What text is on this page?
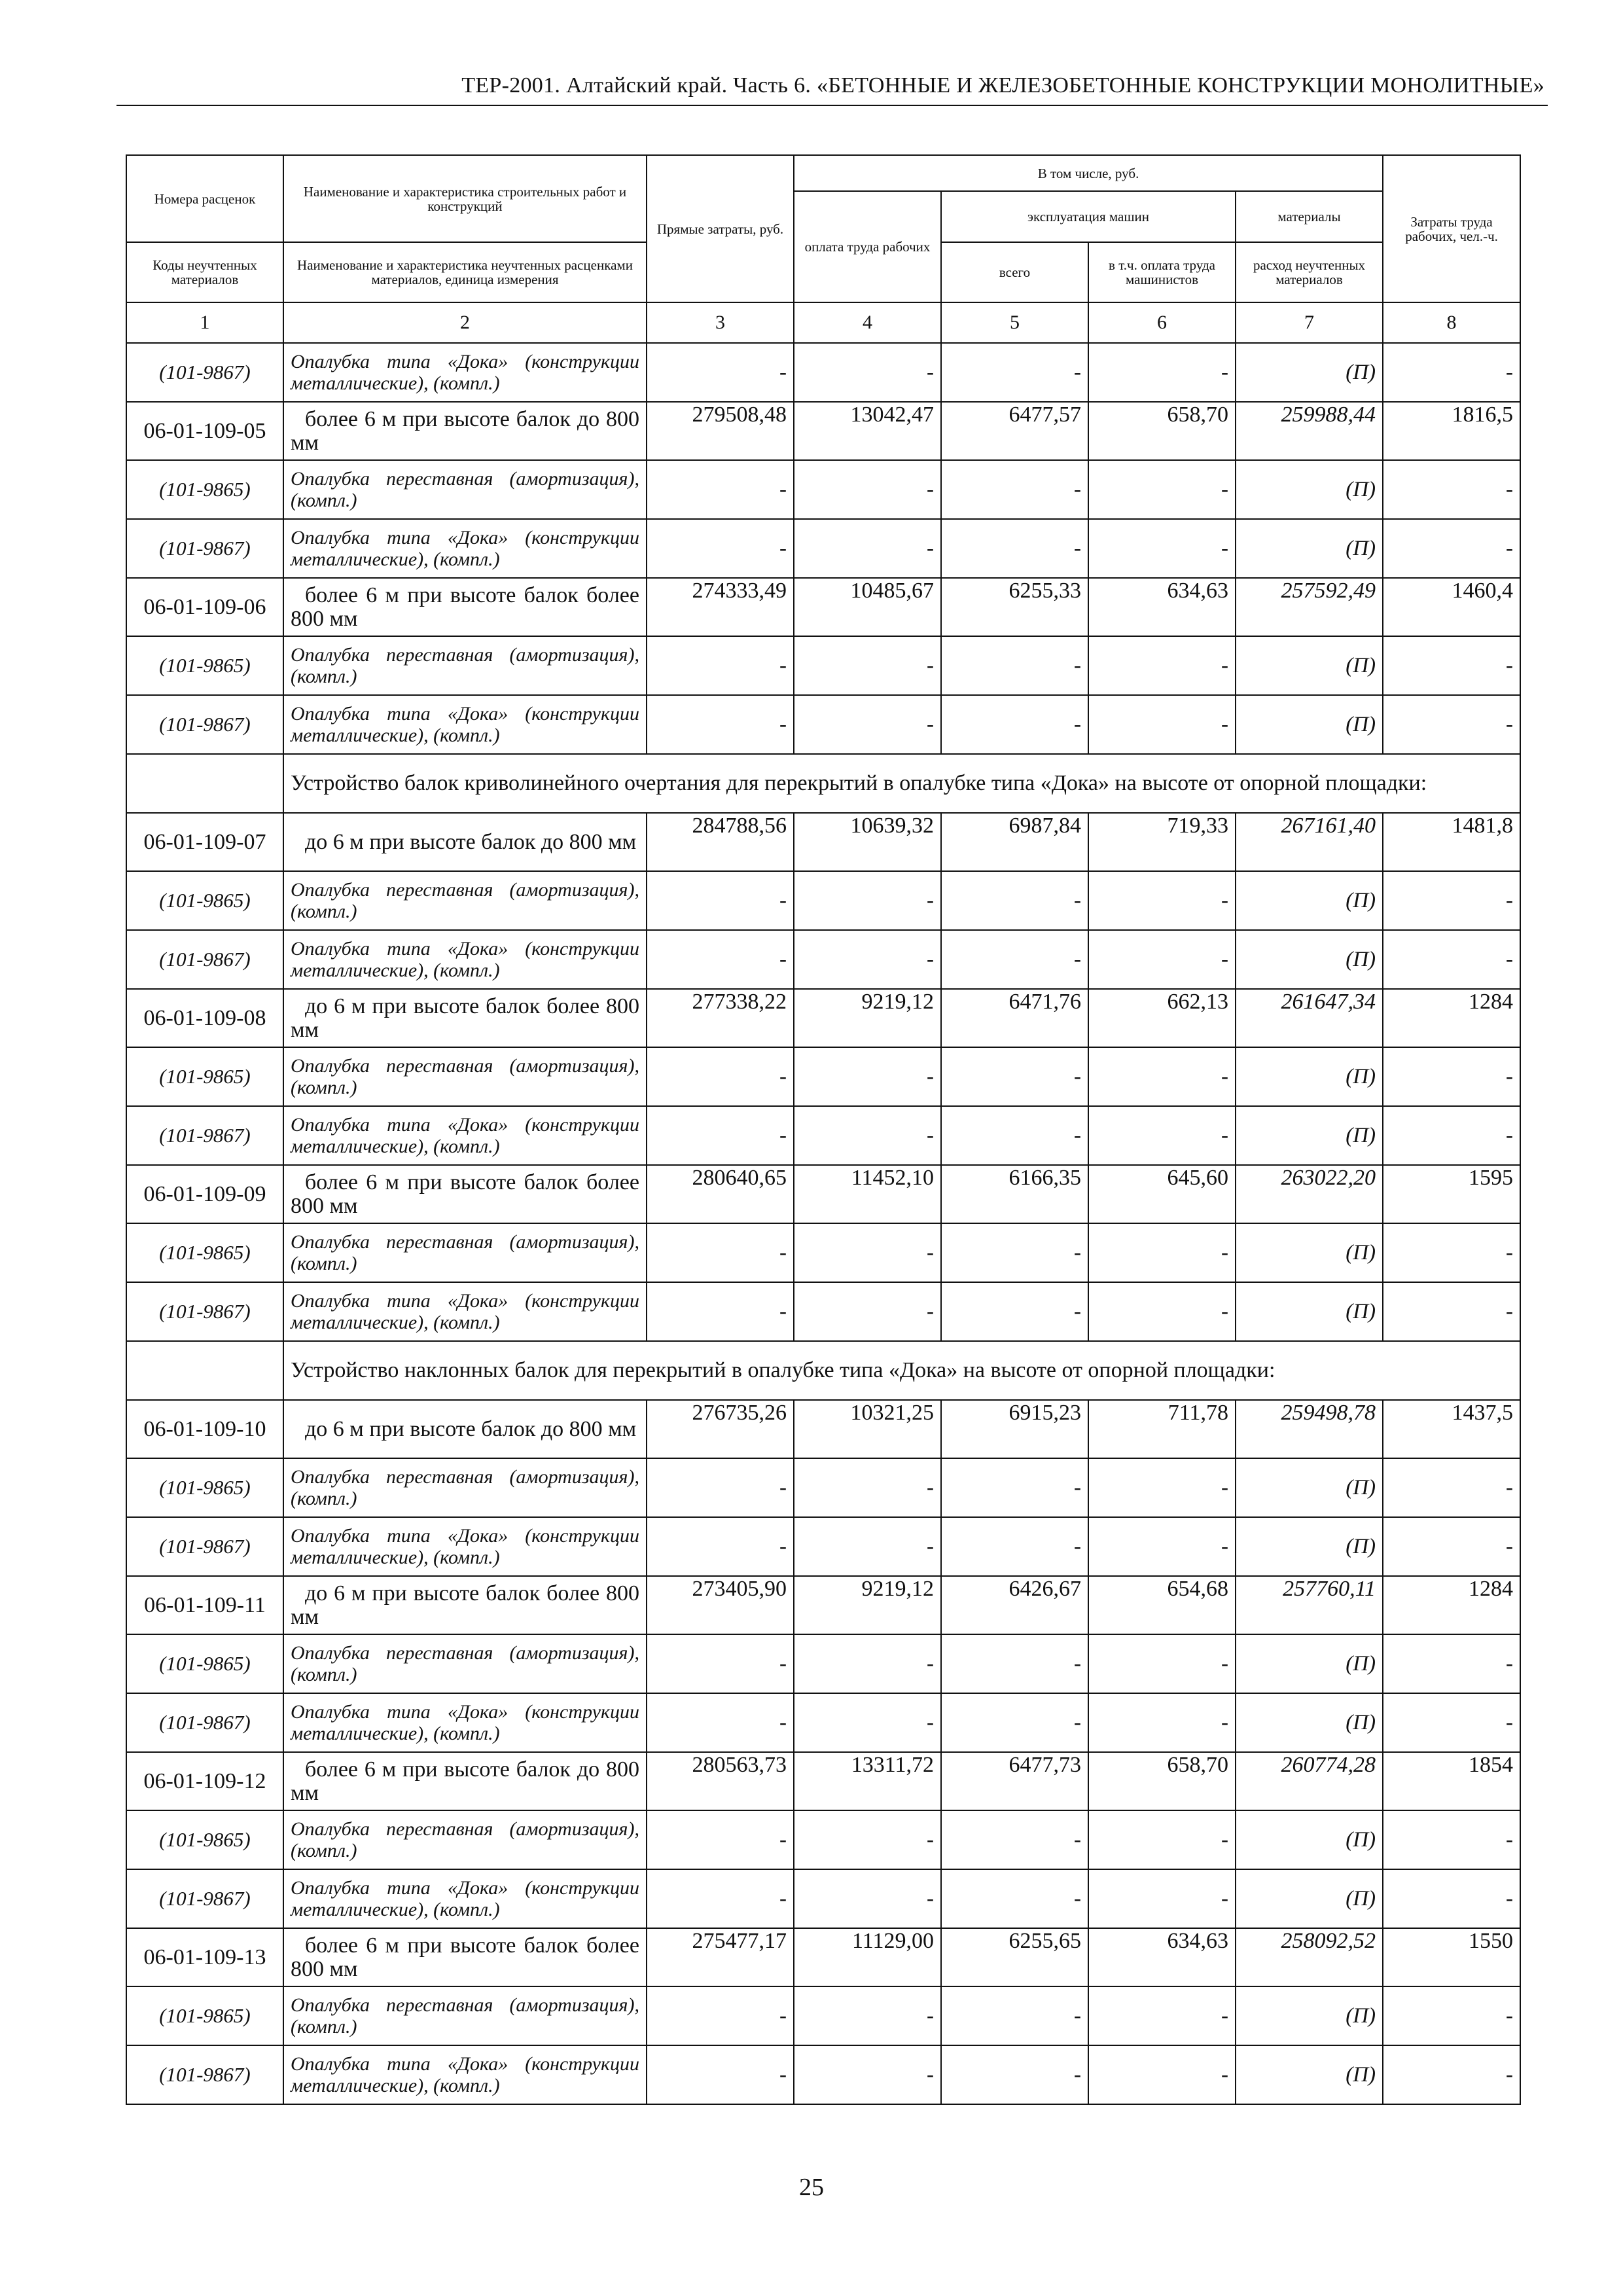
ТЕР-2001. Алтайский край. Часть 6. «БЕТОННЫЕ И ЖЕЛЕЗОБЕТОННЫЕ КОНСТРУКЦИИ МОНОЛИТНЫЕ»
Номера расценок	Наименование и характеристика строительных работ и конструкций	Прямые затраты, руб.	В том числе, руб.				Затраты труда рабочих, чел.-ч.
			оплата труда рабочих	эксплуатация машин		материалы	
Коды неучтенных материалов	Наименование и характеристика неучтенных расценками материалов, единица измерения			всего	в т.ч. оплата труда машинистов	расход неучтенных материалов	
1	2	3	4	5	6	7	8
(101-9867)	Опалубка типа «Дока» (конструкции металлические), (компл.)	-	-	-	-	(П)	-
06-01-109-05	более 6 м при высоте балок до 800 мм	279508,48	13042,47	6477,57	658,70	259988,44	1816,5
(101-9865)	Опалубка переставная (амортизация), (компл.)	-	-	-	-	(П)	-
(101-9867)	Опалубка типа «Дока» (конструкции металлические), (компл.)	-	-	-	-	(П)	-
06-01-109-06	более 6 м при высоте балок более 800 мм	274333,49	10485,67	6255,33	634,63	257592,49	1460,4
(101-9865)	Опалубка переставная (амортизация), (компл.)	-	-	-	-	(П)	-
(101-9867)	Опалубка типа «Дока» (конструкции металлические), (компл.)	-	-	-	-	(П)	-
	Устройство балок криволинейного очертания для перекрытий в опалубке типа «Дока» на высоте от опорной площадки:						
06-01-109-07	до 6 м при высоте балок до 800 мм	284788,56	10639,32	6987,84	719,33	267161,40	1481,8
(101-9865)	Опалубка переставная (амортизация), (компл.)	-	-	-	-	(П)	-
(101-9867)	Опалубка типа «Дока» (конструкции металлические), (компл.)	-	-	-	-	(П)	-
06-01-109-08	до 6 м при высоте балок более 800 мм	277338,22	9219,12	6471,76	662,13	261647,34	1284
(101-9865)	Опалубка переставная (амортизация), (компл.)	-	-	-	-	(П)	-
(101-9867)	Опалубка типа «Дока» (конструкции металлические), (компл.)	-	-	-	-	(П)	-
06-01-109-09	более 6 м при высоте балок более 800 мм	280640,65	11452,10	6166,35	645,60	263022,20	1595
(101-9865)	Опалубка переставная (амортизация), (компл.)	-	-	-	-	(П)	-
(101-9867)	Опалубка типа «Дока» (конструкции металлические), (компл.)	-	-	-	-	(П)	-
	Устройство наклонных балок для перекрытий в опалубке типа «Дока» на высоте от опорной площадки:						
06-01-109-10	до 6 м при высоте балок до 800 мм	276735,26	10321,25	6915,23	711,78	259498,78	1437,5
(101-9865)	Опалубка переставная (амортизация), (компл.)	-	-	-	-	(П)	-
(101-9867)	Опалубка типа «Дока» (конструкции металлические), (компл.)	-	-	-	-	(П)	-
06-01-109-11	до 6 м при высоте балок более 800 мм	273405,90	9219,12	6426,67	654,68	257760,11	1284
(101-9865)	Опалубка переставная (амортизация), (компл.)	-	-	-	-	(П)	-
(101-9867)	Опалубка типа «Дока» (конструкции металлические), (компл.)	-	-	-	-	(П)	-
06-01-109-12	более 6 м при высоте балок до 800 мм	280563,73	13311,72	6477,73	658,70	260774,28	1854
(101-9865)	Опалубка переставная (амортизация), (компл.)	-	-	-	-	(П)	-
(101-9867)	Опалубка типа «Дока» (конструкции металлические), (компл.)	-	-	-	-	(П)	-
06-01-109-13	более 6 м при высоте балок более 800 мм	275477,17	11129,00	6255,65	634,63	258092,52	1550
(101-9865)	Опалубка переставная (амортизация), (компл.)	-	-	-	-	(П)	-
(101-9867)	Опалубка типа «Дока» (конструкции металлические), (компл.)	-	-	-	-	(П)	-
25
